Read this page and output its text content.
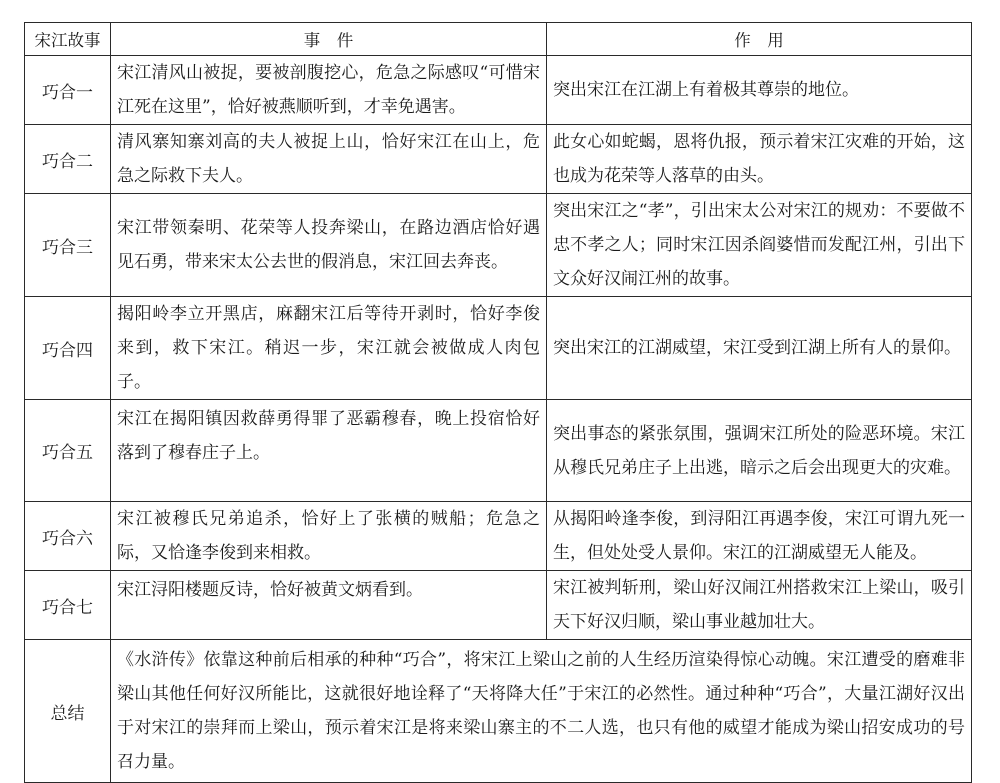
宋江故事	事　件	作　用
巧合一	宋江清风山被捉，要被剖腹挖心，危急之际感叹“可惜宋江死在这里”，恰好被燕顺听到，才幸免遇害。	突出宋江在江湖上有着极其尊崇的地位。
巧合二	清风寨知寨刘高的夫人被捉上山，恰好宋江在山上，危急之际救下夫人。	此女心如蛇蝎，恩将仇报，预示着宋江灾难的开始，这也成为花荣等人落草的由头。
巧合三	宋江带领秦明、花荣等人投奔梁山，在路边酒店恰好遇见石勇，带来宋太公去世的假消息，宋江回去奔丧。	突出宋江之“孝”，引出宋太公对宋江的规劝：不要做不忠不孝之人；同时宋江因杀阎婆惜而发配江州，引出下文众好汉闹江州的故事。
巧合四	揭阳岭李立开黑店，麻翻宋江后等待开剥时，恰好李俊来到，救下宋江。稍迟一步，宋江就会被做成人肉包子。	突出宋江的江湖威望，宋江受到江湖上所有人的景仰。
巧合五	宋江在揭阳镇因救薛勇得罪了恶霸穆春，晚上投宿恰好落到了穆春庄子上。	突出事态的紧张氛围，强调宋江所处的险恶环境。宋江从穆氏兄弟庄子上出逃，暗示之后会出现更大的灾难。
巧合六	宋江被穆氏兄弟追杀，恰好上了张横的贼船；危急之际，又恰逢李俊到来相救。	从揭阳岭逢李俊，到浔阳江再遇李俊，宋江可谓九死一生，但处处受人景仰。宋江的江湖威望无人能及。
巧合七	宋江浔阳楼题反诗，恰好被黄文炳看到。	宋江被判斩刑，梁山好汉闹江州搭救宋江上梁山，吸引天下好汉归顺，梁山事业越加壮大。
总结	《水浒传》依靠这种前后相承的种种“巧合”，将宋江上梁山之前的人生经历渲染得惊心动魄。宋江遭受的磨难非梁山其他任何好汉所能比，这就很好地诠释了“天将降大任”于宋江的必然性。通过种种“巧合”，大量江湖好汉出于对宋江的崇拜而上梁山，预示着宋江是将来梁山寨主的不二人选，也只有他的威望才能成为梁山招安成功的号召力量。	
